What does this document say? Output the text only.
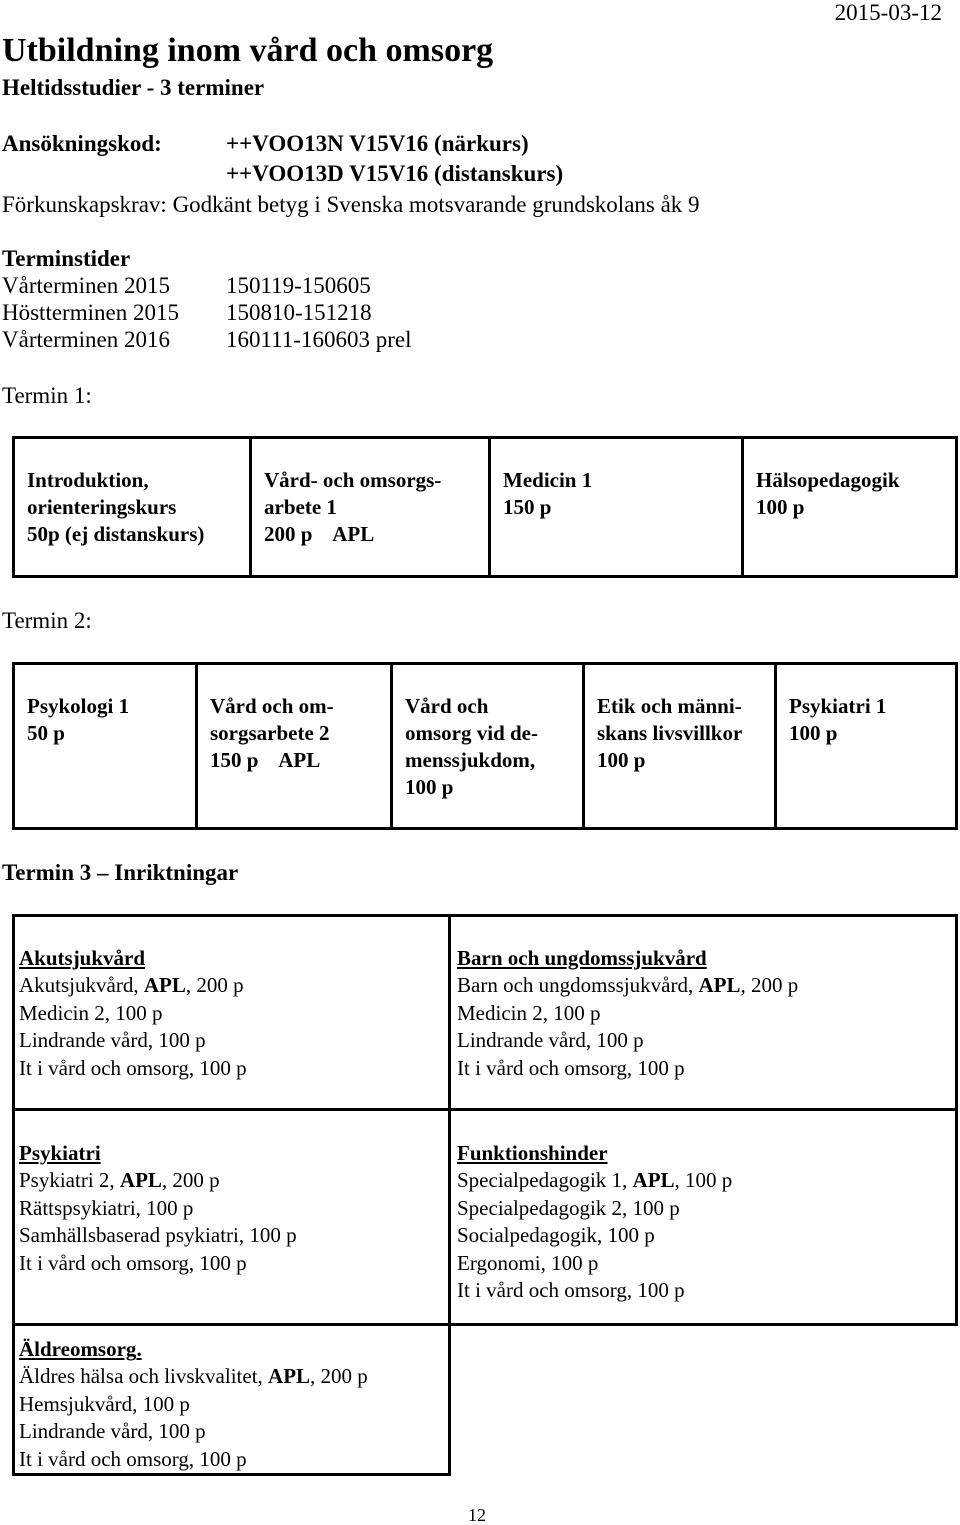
2015-03-12
Utbildning inom vård och omsorg
Heltidsstudier - 3 terminer
Ansökningskod:	++VOO13N V15V16 (närkurs)
++VOO13D V15V16 (distanskurs)
Förkunskapskrav: Godkänt betyg i Svenska motsvarande grundskolans åk 9
Terminstider
Vårterminen 2015 150119-150605
Höstterminen 2015 150810-151218
Vårterminen 2016 160111-160603 prel
Termin 1:
Introduktion,
orienteringskurs
50p (ej distanskurs)
Vård- och omsorgs-
arbete 1
200 p    APL
Medicin 1
150 p
Hälsopedagogik
100 p
Termin 2:
Psykologi 1
50 p
Vård och om-
sorgsarbete 2
150 p    APL
Vård och
omsorg vid de-
menssjukdom,
100 p
Etik och männi-
skans livsvillkor
100 p
Psykiatri 1
100 p
Termin 3 – Inriktningar
Akutsjukvård
Akutsjukvård, APL, 200 p
Medicin 2, 100 p
Lindrande vård, 100 p
It i vård och omsorg, 100 p
Barn och ungdomssjukvård
Barn och ungdomssjukvård, APL, 200 p
Medicin 2, 100 p
Lindrande vård, 100 p
It i vård och omsorg, 100 p
Psykiatri
Psykiatri 2, APL, 200 p
Rättspsykiatri, 100 p
Samhällsbaserad psykiatri, 100 p
It i vård och omsorg, 100 p
Funktionshinder
Specialpedagogik 1, APL, 100 p
Specialpedagogik 2, 100 p
Socialpedagogik, 100 p
Ergonomi, 100 p
It i vård och omsorg, 100 p
Äldreomsorg.
Äldres hälsa och livskvalitet, APL, 200 p
Hemsjukvård, 100 p
Lindrande vård, 100 p
It i vård och omsorg, 100 p
12
